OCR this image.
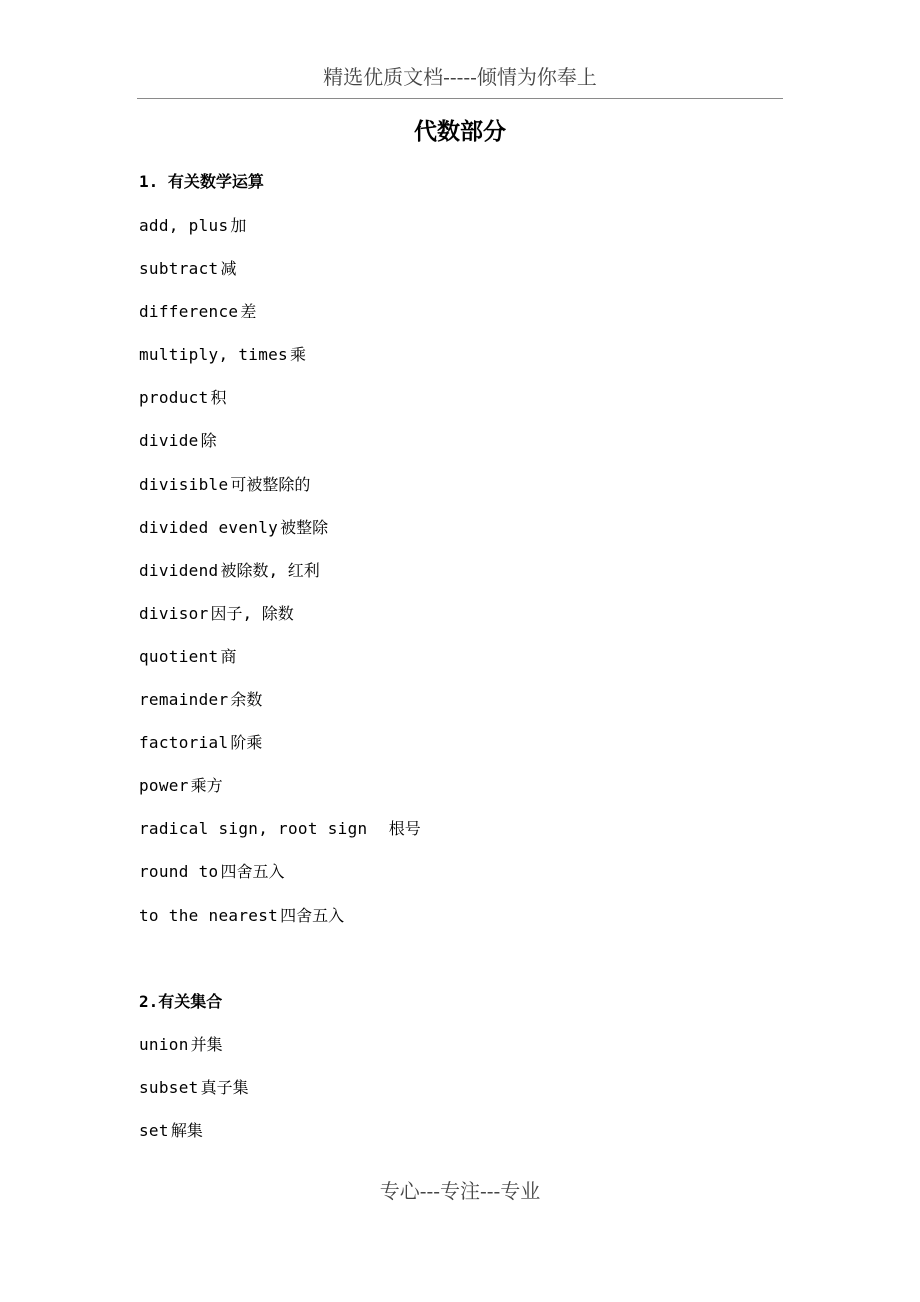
精选优质文档-----倾情为你奉上
代数部分
1. 有关数学运算
add, plus 加
subtract 减
difference 差
multiply, times 乘
product 积
divide 除
divisible 可被整除的
divided evenly 被整除
dividend 被除数, 红利
divisor 因子, 除数
quotient 商
remainder 余数
factorial 阶乘
power 乘方
radical sign, root sign  根号
round to 四舍五入
to the nearest 四舍五入
2.有关集合
union 并集
subset 真子集
set 解集
专心---专注---专业
